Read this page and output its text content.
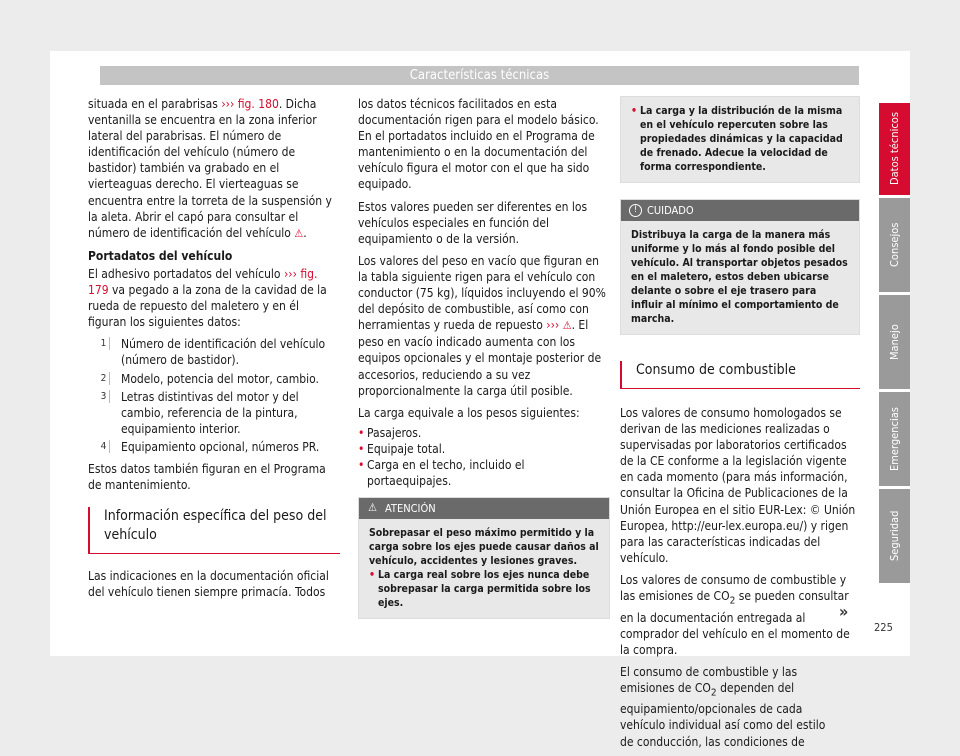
Características técnicas

situada en el parabrisas ››› fig. 180. Dicha ventanilla se encuentra en la zona inferior lateral del parabrisas. El número de identificación del vehículo (número de bastidor) también va grabado en el vierteaguas derecho. El vierteaguas se encuentra entre la torreta de la suspensión y la aleta. Abrir el capó para consultar el número de identificación del vehículo ⚠.

Portadatos del vehículo

El adhesivo portadatos del vehículo ››› fig. 179 va pegado a la zona de la cavidad de la rueda de repuesto del maletero y en él figuran los siguientes datos:

1	Número de identificación del vehículo (número de bastidor).
2	Modelo, potencia del motor, cambio.
3	Letras distintivas del motor y del cambio, referencia de la pintura, equipamiento interior.
4	Equipamiento opcional, números PR.

Estos datos también figuran en el Programa de mantenimiento.

Información específica del peso del vehículo

Las indicaciones en la documentación oficial del vehículo tienen siempre primacía. Todos

los datos técnicos facilitados en esta documentación rigen para el modelo básico. En el portadatos incluido en el Programa de mantenimiento o en la documentación del vehículo figura el motor con el que ha sido equipado.

Estos valores pueden ser diferentes en los vehículos especiales en función del equipamiento o de la versión.

Los valores del peso en vacío que figuran en la tabla siguiente rigen para el vehículo con conductor (75 kg), líquidos incluyendo el 90% del depósito de combustible, así como con herramientas y rueda de repuesto ››› ⚠. El peso en vacío indicado aumenta con los equipos opcionales y el montaje posterior de accesorios, reduciendo a su vez proporcionalmente la carga útil posible.

La carga equivale a los pesos siguientes:

• Pasajeros.
• Equipaje total.
• Carga en el techo, incluido el portaequipajes.
⚠ ATENCIÓN
Sobrepasar el peso máximo permitido y la carga sobre los ejes puede causar daños al vehículo, accidentes y lesiones graves.
• La carga real sobre los ejes nunca debe sobrepasar la carga permitida sobre los ejes.
• La carga y la distribución de la misma en el vehículo repercuten sobre las propiedades dinámicas y la capacidad de frenado. Adecue la velocidad de forma correspondiente.
! CUIDADO
Distribuya la carga de la manera más uniforme y lo más al fondo posible del vehículo. Al transportar objetos pesados en el maletero, estos deben ubicarse delante o sobre el eje trasero para influir al mínimo el comportamiento de marcha.
Consumo de combustible

Los valores de consumo homologados se derivan de las mediciones realizadas o supervisadas por laboratorios certificados de la CE conforme a la legislación vigente en cada momento (para más información, consultar la Oficina de Publicaciones de la Unión Europea en el sitio EUR-Lex: © Unión Europea, http://eur-lex.europa.eu/) y rigen para las características indicadas del vehículo.

Los valores de consumo de combustible y las emisiones de $CO_2$ se pueden consultar en la documentación entregada al comprador del vehículo en el momento de la compra.

El consumo de combustible y las emisiones de $CO_2$ dependen del equipamiento/opcionales de cada vehículo individual así como del estilo de conducción, las condiciones de

»
Datos técnicos
Consejos
Manejo
Emergencias
Seguridad
225
